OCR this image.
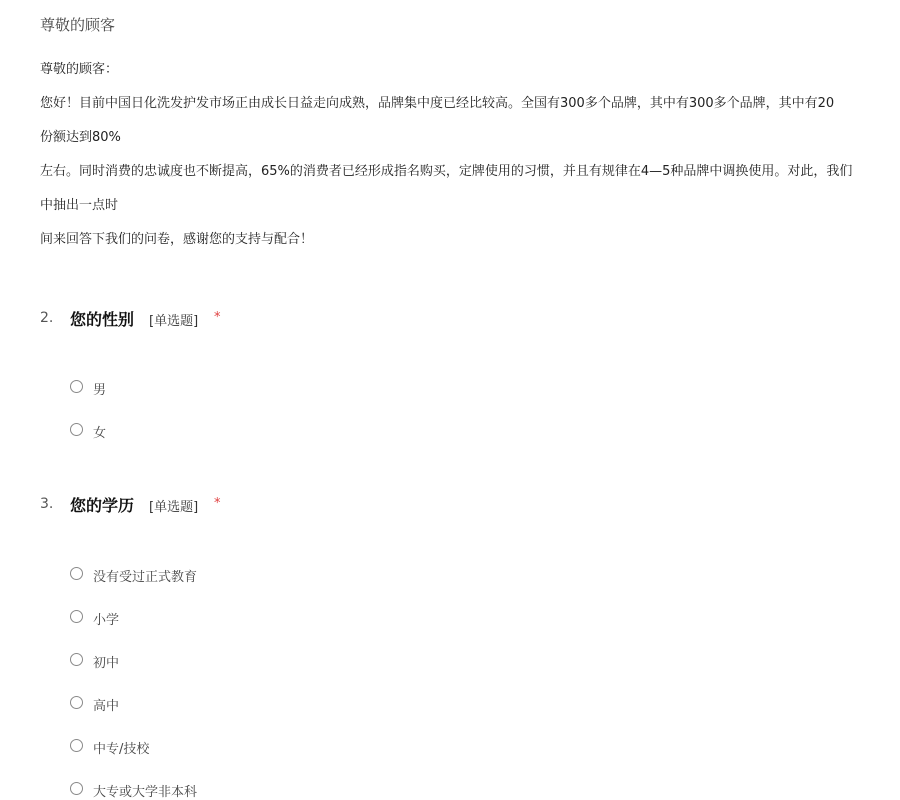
尊敬的顾客
尊敬的顾客：
您好！目前中国日化洗发护发市场正由成长日益走向成熟，品牌集中度已经比较高。全国有300多个品牌，其中有300多个品牌，其中有20
份额达到80%
左右。同时消费的忠诚度也不断提高，65%的消费者已经形成指名购买，定牌使用的习惯，并且有规律在4—5种品牌中调换使用。对此，我们
中抽出一点时
间来回答下我们的问卷，感谢您的支持与配合！
2. 您的性别 [单选题] *
男
女
3. 您的学历 [单选题] *
没有受过正式教育
小学
初中
高中
中专/技校
大专或大学非本科
